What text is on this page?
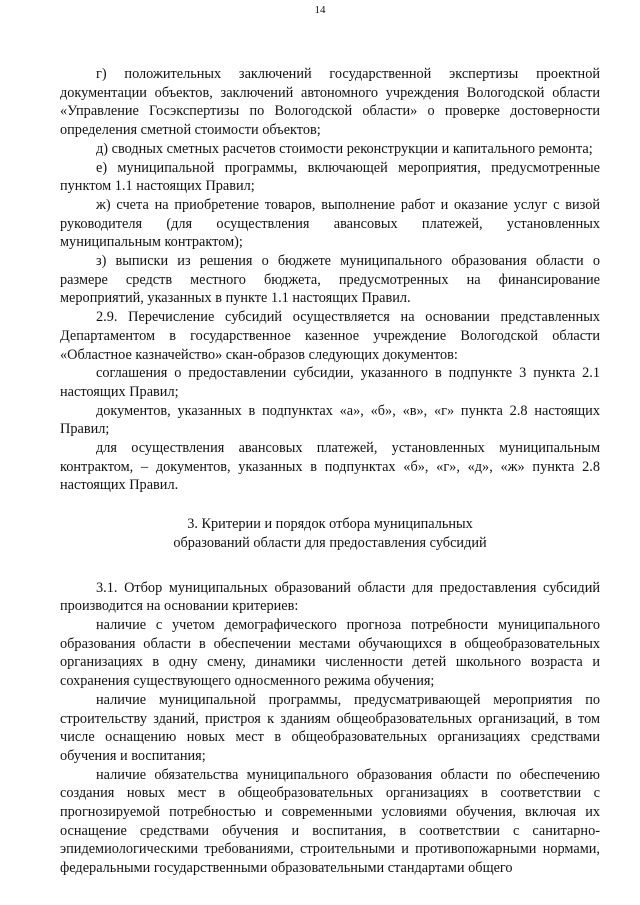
14

г) положительных заключений государственной экспертизы проектной документации объектов, заключений автономного учреждения Вологодской области «Управление Госэкспертизы по Вологодской области» о проверке достоверности определения сметной стоимости объектов;

д) сводных сметных расчетов стоимости реконструкции и капитального ремонта;

е) муниципальной программы, включающей мероприятия, предусмотренные пунктом 1.1 настоящих Правил;

ж) счета на приобретение товаров, выполнение работ и оказание услуг с визой руководителя (для осуществления авансовых платежей, установленных муниципальным контрактом);

з) выписки из решения о бюджете муниципального образования области о размере средств местного бюджета, предусмотренных на финансирование мероприятий, указанных в пункте 1.1 настоящих Правил.

2.9. Перечисление субсидий осуществляется на основании представленных Департаментом в государственное казенное учреждение Вологодской области «Областное казначейство» скан-образов следующих документов:

соглашения о предоставлении субсидии, указанного в подпункте 3 пункта 2.1 настоящих Правил;

документов, указанных в подпунктах «а», «б», «в», «г» пункта 2.8 настоящих Правил;

для осуществления авансовых платежей, установленных муниципальным контрактом, – документов, указанных в подпунктах «б», «г», «д», «ж» пункта 2.8 настоящих Правил.

3. Критерии и порядок отбора муниципальных
образований области для предоставления субсидий

3.1. Отбор муниципальных образований области для предоставления субсидий производится на основании критериев:

наличие с учетом демографического прогноза потребности муниципального образования области в обеспечении местами обучающихся в общеобразовательных организациях в одну смену, динамики численности детей школьного возраста и сохранения существующего односменного режима обучения;

наличие муниципальной программы, предусматривающей мероприятия по строительству зданий, пристроя к зданиям общеобразовательных организаций, в том числе оснащению новых мест в общеобразовательных организациях средствами обучения и воспитания;

наличие обязательства муниципального образования области по обеспечению создания новых мест в общеобразовательных организациях в соответствии с прогнозируемой потребностью и современными условиями обучения, включая их оснащение средствами обучения и воспитания, в соответствии с санитарно-эпидемиологическими требованиями, строительными и противопожарными нормами, федеральными государственными образовательными стандартами общего
